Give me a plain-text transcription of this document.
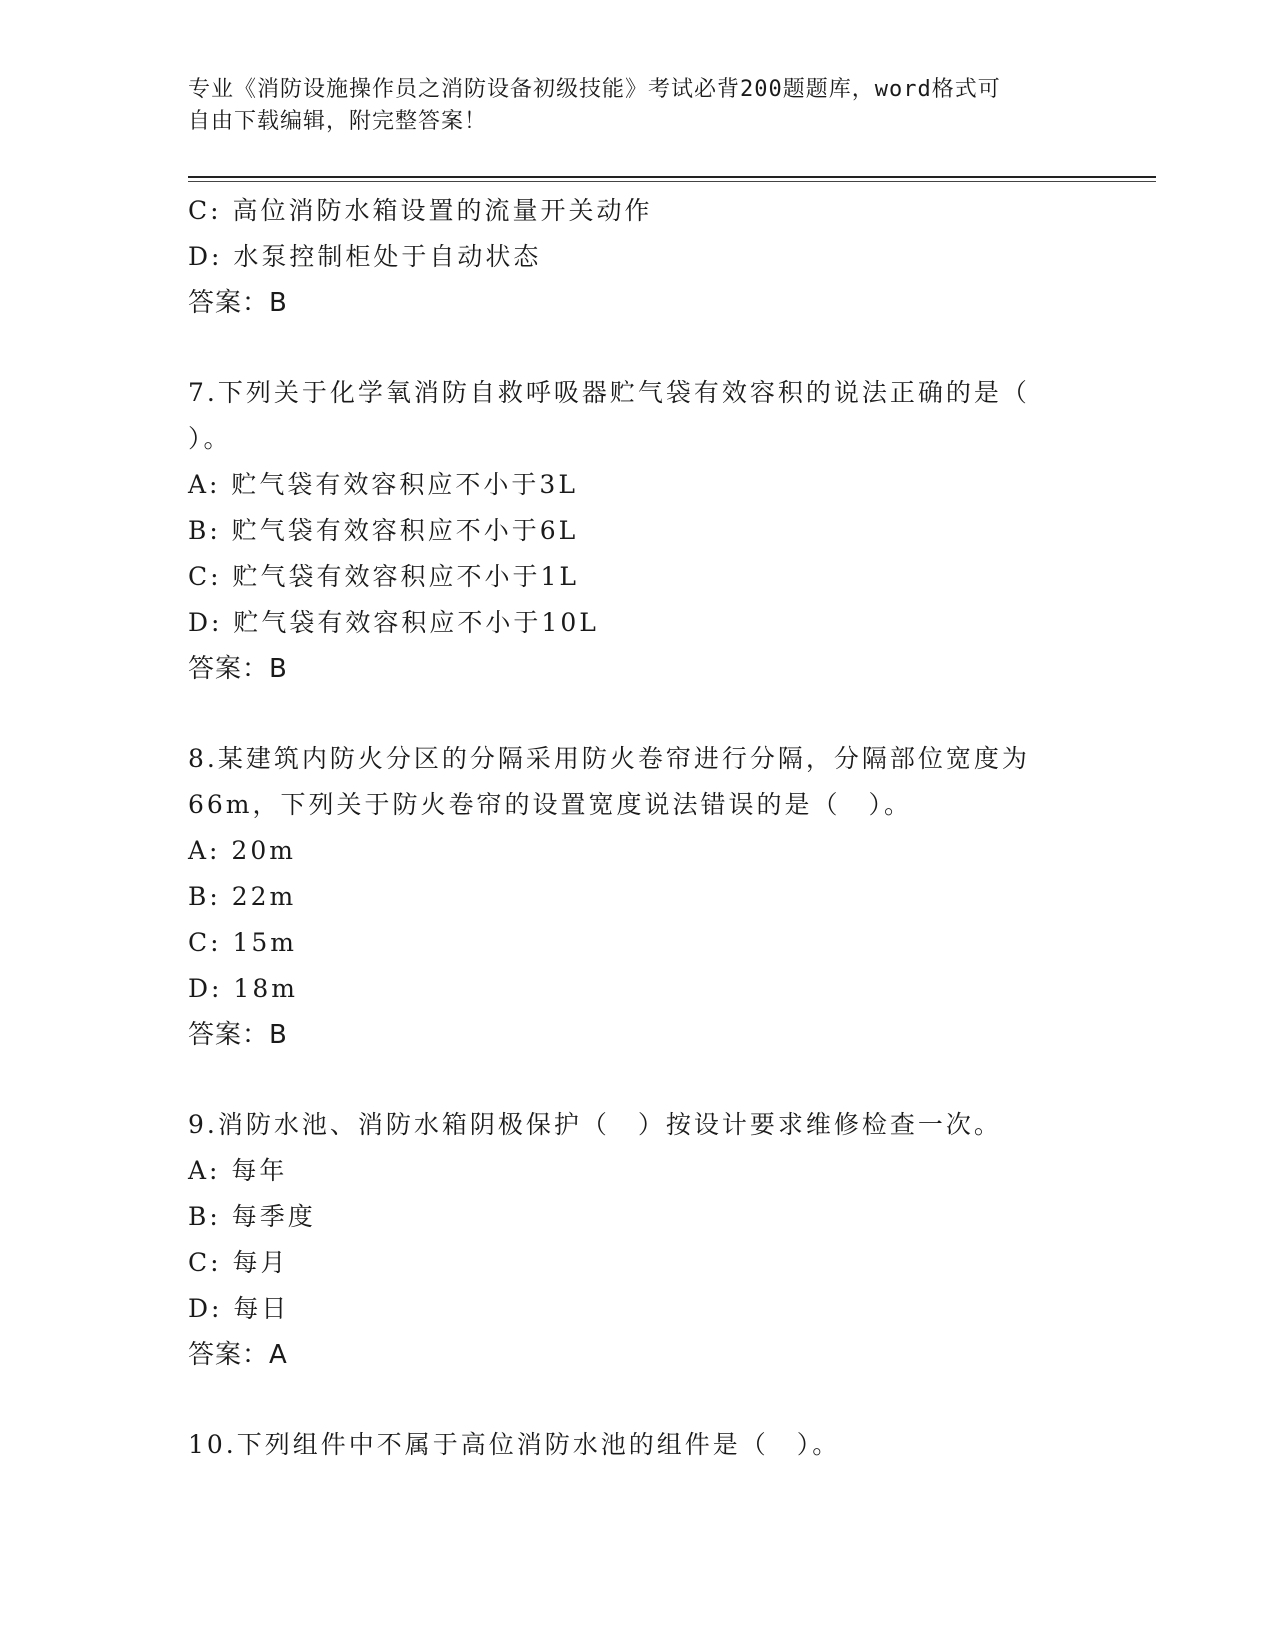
专业《消防设施操作员之消防设备初级技能》考试必背200题题库，word格式可
自由下载编辑，附完整答案！
C: 高位消防水箱设置的流量开关动作
D: 水泵控制柜处于自动状态
答案：B
7.下列关于化学氧消防自救呼吸器贮气袋有效容积的说法正确的是（
）。
A: 贮气袋有效容积应不小于3L
B: 贮气袋有效容积应不小于6L
C: 贮气袋有效容积应不小于1L
D: 贮气袋有效容积应不小于10L
答案：B
8.某建筑内防火分区的分隔采用防火卷帘进行分隔，分隔部位宽度为
66m，下列关于防火卷帘的设置宽度说法错误的是（　）。
A: 20m
B: 22m
C: 15m
D: 18m
答案：B
9.消防水池、消防水箱阴极保护（　）按设计要求维修检查一次。
A: 每年
B: 每季度
C: 每月
D: 每日
答案：A
10.下列组件中不属于高位消防水池的组件是（　）。
